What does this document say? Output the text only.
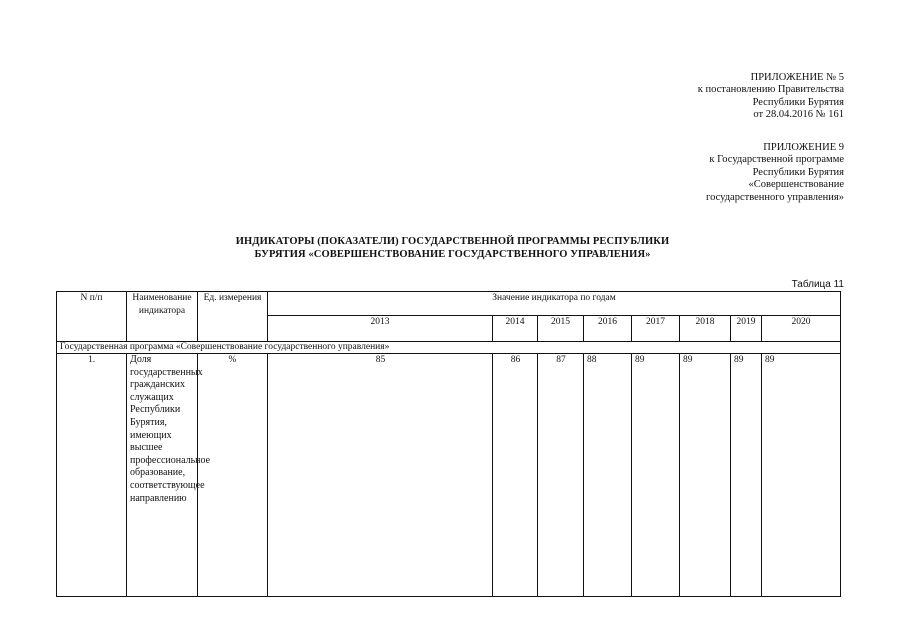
ПРИЛОЖЕНИЕ № 5
к постановлению Правительства
Республики Бурятия
от 28.04.2016 № 161
ПРИЛОЖЕНИЕ 9
к Государственной программе
Республики Бурятия
«Совершенствование
государственного управления»
ИНДИКАТОРЫ (ПОКАЗАТЕЛИ) ГОСУДАРСТВЕННОЙ ПРОГРАММЫ РЕСПУБЛИКИ
БУРЯТИЯ «СОВЕРШЕНСТВОВАНИЕ ГОСУДАРСТВЕННОГО УПРАВЛЕНИЯ»
Таблица 11
N п/п	Наименование индикатора	Ед. измерения	Значение индикатора по годам							
			2013	2014	2015	2016	2017	2018	2019	2020
Государственная программа «Совершенствование государственного управления»										
1.	Доля государственных гражданских служащих Республики Бурятия, имеющих высшее профессиональное образование, соответствующее направлению	%	85	86	87	88	89	89	89	89
